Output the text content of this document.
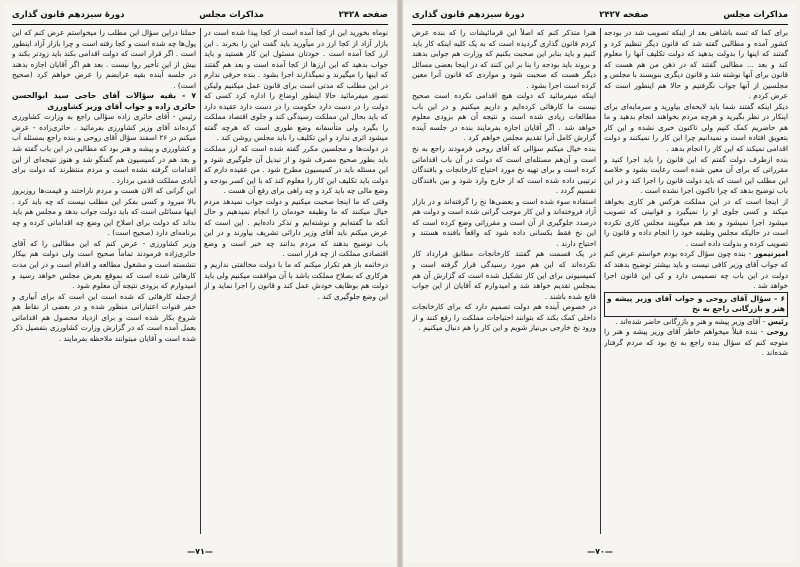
صفحه ۲۴۲۸
مذاکرات مجلس
دورهٔ سیزدهم قانون گذاری

نوماه بخورید این از کجا آمده است از کجا پیدا شده است در بازار آزاد از کجا ارز در میآورید باید گفت این را بخرند . این ارز کجا آمده است . خودتان مسئول این کار هستید و باید جواب بدهید که این ارزها از کجا آمده است و بعد هم گفتند که اینها را میگیرند و نمیگذارند اجرا بشود . بنده حرفی ندارم در این مطلب که مدتی است برای قانون عمل میکنیم ولیکن تصور میفرمائید حالا اینطور اوضاع را اداره کرد کسی که دولت را در دست دارد حکومت را در دست دارد عقیده دارد که باید بحال این مملکت رسیدگی کند و جلوی اقتصاد مملکت را بگیرد ولی متأسفانه وضع طوری است که هرچه گفته میشود اثری ندارد و این تکلیف را باید مجلس روشن کند .

در دولت‌ها و مجلسین مکرر گفته شده است که ارز مملکت باید بطور صحیح مصرف شود و از تبدیل آن جلوگیری شود و این مسئله باید در کمیسیون مطرح شود . من عقیده دارم که دولت باید تکلیف این کار را معلوم کند که با این کسر بودجه و وضع مالی چه باید کرد و چه راهی برای رفع آن هست .

وقتی که ما اینجا صحبت میکنیم و دولت جواب نمیدهد مردم خیال میکنند که ما وظیفه خودمان را انجام نمیدهیم و حال آنکه ما گفته‌ایم و نوشته‌ایم و تذکر داده‌ایم . این است که عرض میکنم باید آقای وزیر دارائی تشریف بیاورند و در این باب توضیح بدهند که مردم بدانند چه خبر است و وضع اقتصادی مملکت از چه قرار است .

درخاتمه باز هم تکرار میکنم که ما با دولت مخالفتی نداریم و هرکاری که بصلاح مملکت باشد با آن موافقت میکنیم ولی باید دولت هم بوظایف خودش عمل کند و قانون را اجرا نماید و از این وضع جلوگیری کند .

حملنا دراین سؤال این مطلب را میخواستم عرض کنم که این پول‌ها چه شده است و کجا رفته است و چرا بازار آزاد اینطور است . اگر قرار است که دولت اقدامی بکند باید زودتر بکند و بیش از این تأخیر روا نیست . بعد هم اگر آقایان اجازه بدهند در جلسه آینده بقیه عرایضم را عرض خواهم کرد (صحیح است) .

۷ - بقیه سؤالات آقای حاجی سید ابوالحسن حائری زاده و جواب آقای وزیر کشاورزی

رئیس - آقای حائری زاده سؤالی راجع به وزارت کشاورزی کرده‌اند آقای وزیر کشاورزی بفرمائید . حائری‌زاده - عرض میکنم در ۲۶ اسفند سؤال آقای روحی و بنده راجع بمسئله آب و کشاورزی و پیشه و هنر بود که مطالبی در این باب گفته شد و بعد هم در کمیسیون هم گفتگو شد و هنوز نتیجه‌ای از این اقدامات گرفته نشده است و مردم منتظرند که دولت برای آبادی مملکت قدمی بردارد .

این گرانی که الان هست و مردم ناراحتند و قیمت‌ها روزبروز بالا میرود و کسی بفکر این مطلب نیست که چه باید کرد . اینها مسائلی است که باید دولت جواب بدهد و مجلس هم باید بداند که دولت برای اصلاح این وضع چه اقداماتی کرده و چه برنامه‌ای دارد (صحیح است) .

وزیر کشاورزی - عرض کنم که این مطالبی را که آقای حائری‌زاده فرمودند تماماً صحیح است ولی دولت هم بیکار ننشسته است و مشغول مطالعه و اقدام است و در این مدت کارهائی شده است که بموقع بعرض مجلس خواهد رسید و امیدوارم که بزودی نتیجه آن معلوم شود .

ازجمله کارهائی که شده است این است که برای آبیاری و حفر قنوات اعتباراتی منظور شده و در بعضی از نقاط هم شروع بکار شده است و برای ازدیاد محصول هم اقداماتی بعمل آمده است که در گزارش وزارت کشاورزی بتفصیل ذکر شده است و آقایان میتوانند ملاحظه بفرمایند .

—۷۱—
مذاکرات مجلس
صفحه ۲۴۲۷
دورهٔ سیزدهم قانون گذاری

برای کما که تسه باشاهی بعد از اینکه تصویب شد در بودجه کشور آمده و مطالبی گفته شد که قانون دیگر تنظیم کرد و گفتند که اینها را بدولت بدهید که دولت تکلیف آنها را معلوم کند و بعد ... مطالبی گفتند که در ذهن من هم هست که قانون برای آنها نوشته شد و قانون دیگری بنویسند با مجلس و مجلسین از آنها جواب نگرفتیم و حالا هم اینطور است که عرض کردم .

دیکر اینکه گفتند شما باید لایحه‌ای بیاورید و سرمایه‌ای برای اینکار در نظر بگیرید و هرچه مردم بخواهند انجام بدهید و ما هم حاضریم کمک کنیم ولی تاکنون خبری نشده و این کار بتعویق افتاده است و نمیدانیم چرا این کار را نمیکنند و دولت اقدامی نمیکند که این کار را انجام بدهد .

بنده ازطرف دولت گفتم که این قانون را باید اجرا کنید و مقرراتی که برای آن معین شده است رعایت بشود و خلاصه این مطلب این است که باید دولت قانون را اجرا کند و در این باب توضیح بدهد که چرا تاکنون اجرا نشده است .

از اینجا است که در این مملکت هرکس هر کاری بخواهد میکند و کسی جلوی او را نمیگیرد و قوانینی که تصویب میشود اجرا نمیشود و بعد هم میگویند مجلس کاری نکرده است در حالیکه مجلس وظیفه خود را انجام داده و قانون را تصویب کرده و بدولت داده است .

امیرتیمور - بنده چون سؤال کرده بودم خواستم عرض کنم که جواب آقای وزیر کافی نیست و باید بیشتر توضیح بدهند که دولت در این باب چه تصمیمی دارد و کی این قانون اجرا خواهد شد .

۶ - سؤال آقای روحی و جواب آقای وزیر پیشه و هنر و بازرگانی راجع به نخ

رئیس - آقای وزیر پیشه و هنر و بازرگانی حاضر شده‌اند .

روحی - بنده قبلاً میخواهم خاطر آقای وزیر پیشه و هنر را متوجه کنم که سؤال بنده راجع به نخ بود که مردم گرفتار شده‌اند .

هنرا متذکر کنم که اصلاً این قرمائیشات را که بنده عرض کردم قانون گذاری گردیده است که به یک کلیه اینکه کار باید کنیم و باید بنابر این صحبت بکنیم که وزارت هم جوابی بدهند و بروند باید بودجه را بنا بر این کنند که در اینجا بعضی مسائل دیگر هست که صحبت شود و مواردی که قانون آنرا معین کرده است اجرا بشود .

اینکه میفرمائید که دولت هیچ اقدامی نکرده است صحیح نیست ما کارهائی کرده‌ایم و داریم میکنیم و در این باب مطالعات زیادی شده است و نتیجه آن هم بزودی معلوم خواهد شد . اگر آقایان اجازه بفرمایند بنده در جلسه آینده گزارش کامل آنرا تقدیم مجلس خواهم کرد .

بنده خیال میکنم سؤالی که آقای روحی فرمودند راجع به نخ است و آن‌هم مسئله‌ای است که دولت در آن باب اقداماتی کرده است و برای تهیه نخ مورد احتیاج کارخانجات و بافندگان ترتیبی داده شده است که از خارج وارد شود و بین بافندگان تقسیم گردد .

استفاده سوء شده است و بعضی‌ها نخ را گرفته‌اند و در بازار آزاد فروخته‌اند و این کار موجب گرانی شده است و دولت هم درصدد جلوگیری از آن است و مقرراتی وضع کرده است که این نخ فقط بکسانی داده شود که واقعاً بافنده هستند و احتیاج دارند .

در یک قسمت هم گفتند کارخانجات مطابق قرارداد کار نکرده‌اند که این هم مورد رسیدگی قرار گرفته است و کمیسیونی برای این کار تشکیل شده است که گزارش آن هم بمجلس تقدیم خواهد شد و امیدوارم که آقایان از این جواب قانع شده باشند .

در خصوص آینده هم دولت تصمیم دارد که برای کارخانجات داخلی کمک بکند که بتوانند احتیاجات مملکت را رفع کنند و از ورود نخ خارجی بی‌نیاز شویم و این کار را هم دنبال میکنیم .

—۷۰—
